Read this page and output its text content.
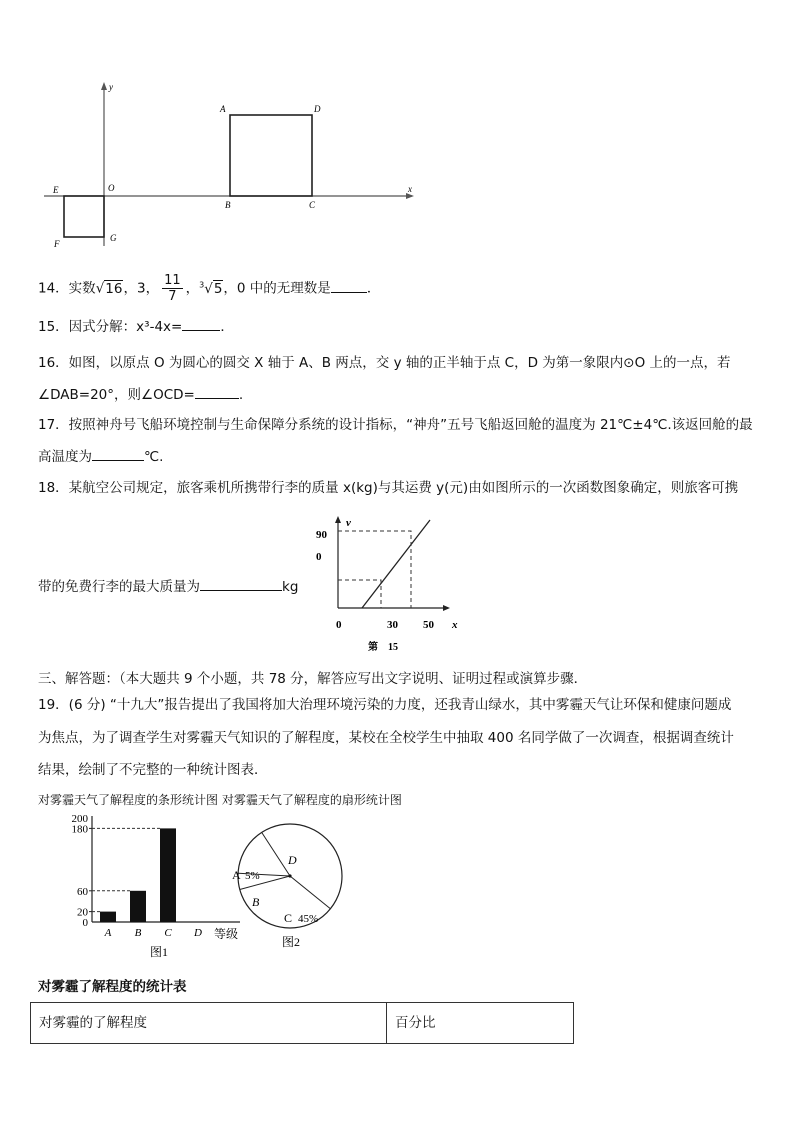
y
x
O
A	D
B	C
E
F
G
14．实数√16，3， $\frac{11}{7}$ ，$^3$√5，0 中的无理数是	．
15．因式分解：x³-4x=	．
16．如图，以原点 O 为圆心的圆交 X 轴于 A、B 两点，交 y 轴的正半轴于点 C，D 为第一象限内⊙O 上的一点，若
∠DAB=20°，则∠OCD=	.
17．按照神舟号飞船环境控制与生命保障分系统的设计指标，“神舟”五号飞船返回舱的温度为 21℃±4℃.该返回舱的最
高温度为	℃.
18．某航空公司规定，旅客乘机所携带行李的质量 x(kg)与其运费 y(元)由如图所示的一次函数图象确定，则旅客可携
带的免费行李的最大质量为	kg
v
90
0
0	30 50 x
第　15
三、解答题：（本大题共 9 个小题，共 78 分，解答应写出文字说明、证明过程或演算步骤．
19．(6 分) “十九大”报告提出了我国将加大治理环境污染的力度，还我青山绿水，其中雾霾天气让环保和健康问题成
为焦点，为了调查学生对雾霾天气知识的了解程度，某校在全校学生中抽取 400 名同学做了一次调查，根据调查统计
结果，绘制了不完整的一种统计图表．
对雾霾天气了解程度的条形统计图 对雾霾天气了解程度的扇形统计图
0
20
60
180
200
A B C D 等级
图1
A 5%
B
C 45%
D
图2
对雾霾了解程度的统计表
对雾霾的了解程度	百分比
